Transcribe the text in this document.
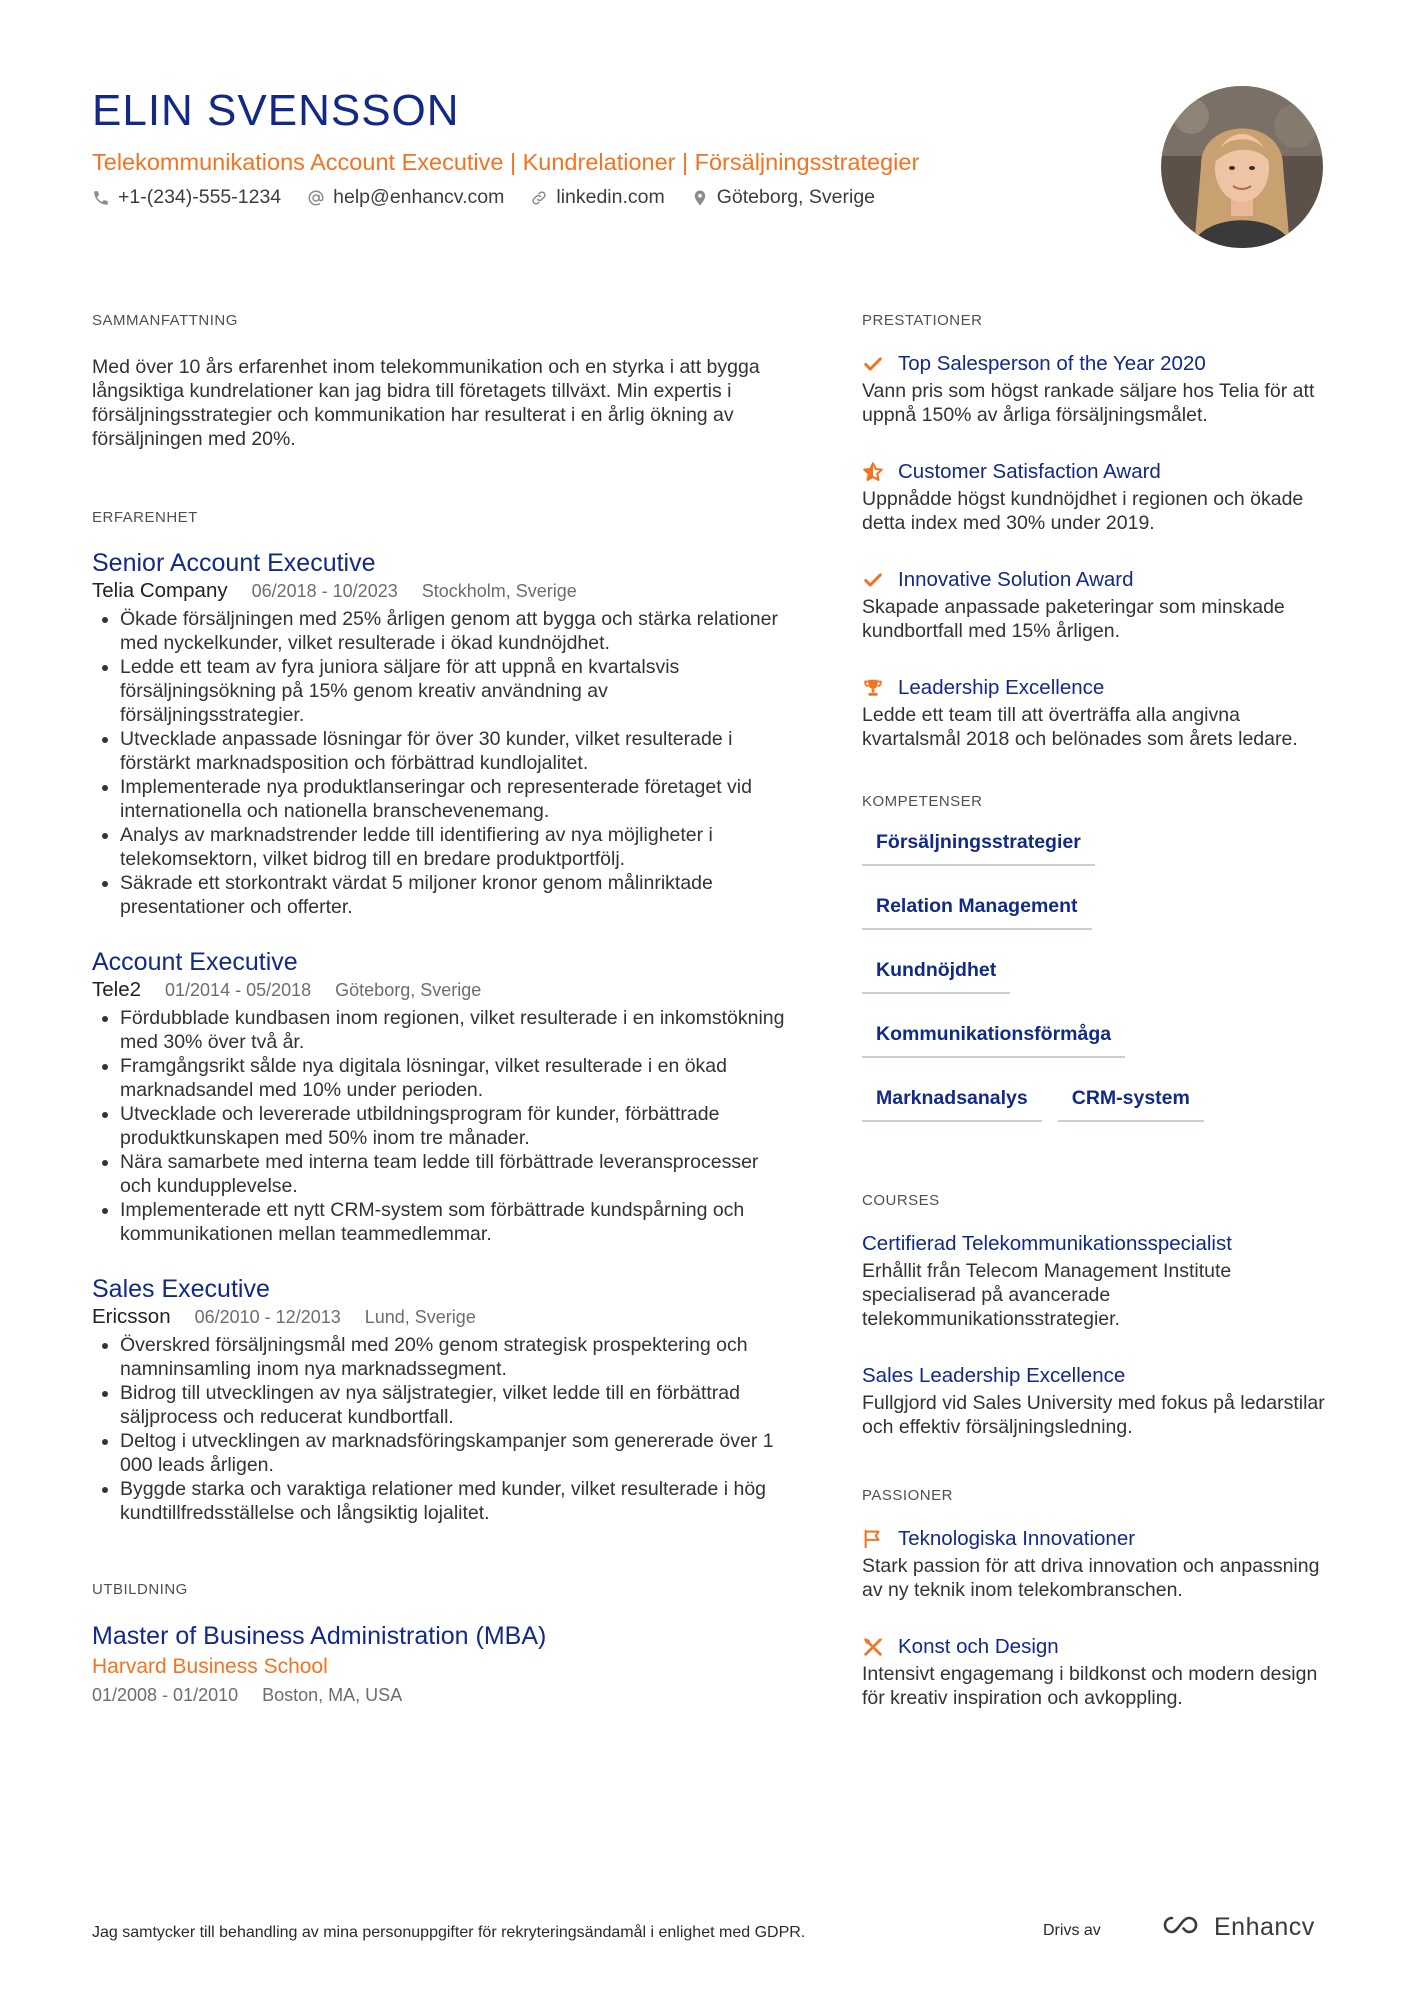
ELIN SVENSSON
Telekommunikations Account Executive | Kundrelationer | Försäljningsstrategier
+1-(234)-555-1234	help@enhancv.com	linkedin.com	Göteborg, Sverige
SAMMANFATTNING
Med över 10 års erfarenhet inom telekommunikation och en styrka i att bygga långsiktiga kundrelationer kan jag bidra till företagets tillväxt. Min expertis i försäljningsstrategier och kommunikation har resulterat i en årlig ökning av försäljningen med 20%.
ERFARENHET
Senior Account Executive
Telia Company 06/2018 - 10/2023 Stockholm, Sverige
• Ökade försäljningen med 25% årligen genom att bygga och stärka relationer med nyckelkunder, vilket resulterade i ökad kundnöjdhet.
• Ledde ett team av fyra juniora säljare för att uppnå en kvartalsvis försäljningsökning på 15% genom kreativ användning av försäljningsstrategier.
• Utvecklade anpassade lösningar för över 30 kunder, vilket resulterade i förstärkt marknadsposition och förbättrad kundlojalitet.
• Implementerade nya produktlanseringar och representerade företaget vid internationella och nationella branschevenemang.
• Analys av marknadstrender ledde till identifiering av nya möjligheter i telekomsektorn, vilket bidrog till en bredare produktportfölj.
• Säkrade ett storkontrakt värdat 5 miljoner kronor genom målinriktade presentationer och offerter.
Account Executive
Tele2 01/2014 - 05/2018 Göteborg, Sverige
• Fördubblade kundbasen inom regionen, vilket resulterade i en inkomstökning med 30% över två år.
• Framgångsrikt sålde nya digitala lösningar, vilket resulterade i en ökad marknadsandel med 10% under perioden.
• Utvecklade och levererade utbildningsprogram för kunder, förbättrade produktkunskapen med 50% inom tre månader.
• Nära samarbete med interna team ledde till förbättrade leveransprocesser och kundupplevelse.
• Implementerade ett nytt CRM-system som förbättrade kundspårning och kommunikationen mellan teammedlemmar.
Sales Executive
Ericsson 06/2010 - 12/2013 Lund, Sverige
• Överskred försäljningsmål med 20% genom strategisk prospektering och namninsamling inom nya marknadssegment.
• Bidrog till utvecklingen av nya säljstrategier, vilket ledde till en förbättrad säljprocess och reducerat kundbortfall.
• Deltog i utvecklingen av marknadsföringskampanjer som genererade över 1 000 leads årligen.
• Byggde starka och varaktiga relationer med kunder, vilket resulterade i hög kundtillfredsställelse och långsiktig lojalitet.
UTBILDNING
Master of Business Administration (MBA)
Harvard Business School
01/2008 - 01/2010 Boston, MA, USA
PRESTATIONER
Top Salesperson of the Year 2020
Vann pris som högst rankade säljare hos Telia för att uppnå 150% av årliga försäljningsmålet.
Customer Satisfaction Award
Uppnådde högst kundnöjdhet i regionen och ökade detta index med 30% under 2019.
Innovative Solution Award
Skapade anpassade paketeringar som minskade kundbortfall med 15% årligen.
Leadership Excellence
Ledde ett team till att överträffa alla angivna kvartalsmål 2018 och belönades som årets ledare.
KOMPETENSER
Försäljningsstrategier
Relation Management
Kundnöjdhet
Kommunikationsförmåga
Marknadsanalys	CRM-system
COURSES
Certifierad Telekommunikationsspecialist
Erhållit från Telecom Management Institute specialiserad på avancerade telekommunikationsstrategier.
Sales Leadership Excellence
Fullgjord vid Sales University med fokus på ledarstilar och effektiv försäljningsledning.
PASSIONER
Teknologiska Innovationer
Stark passion för att driva innovation och anpassning av ny teknik inom telekombranschen.
Konst och Design
Intensivt engagemang i bildkonst och modern design för kreativ inspiration och avkoppling.
Jag samtycker till behandling av mina personuppgifter för rekryteringsändamål i enlighet med GDPR.	Drivs av	Enhancv
